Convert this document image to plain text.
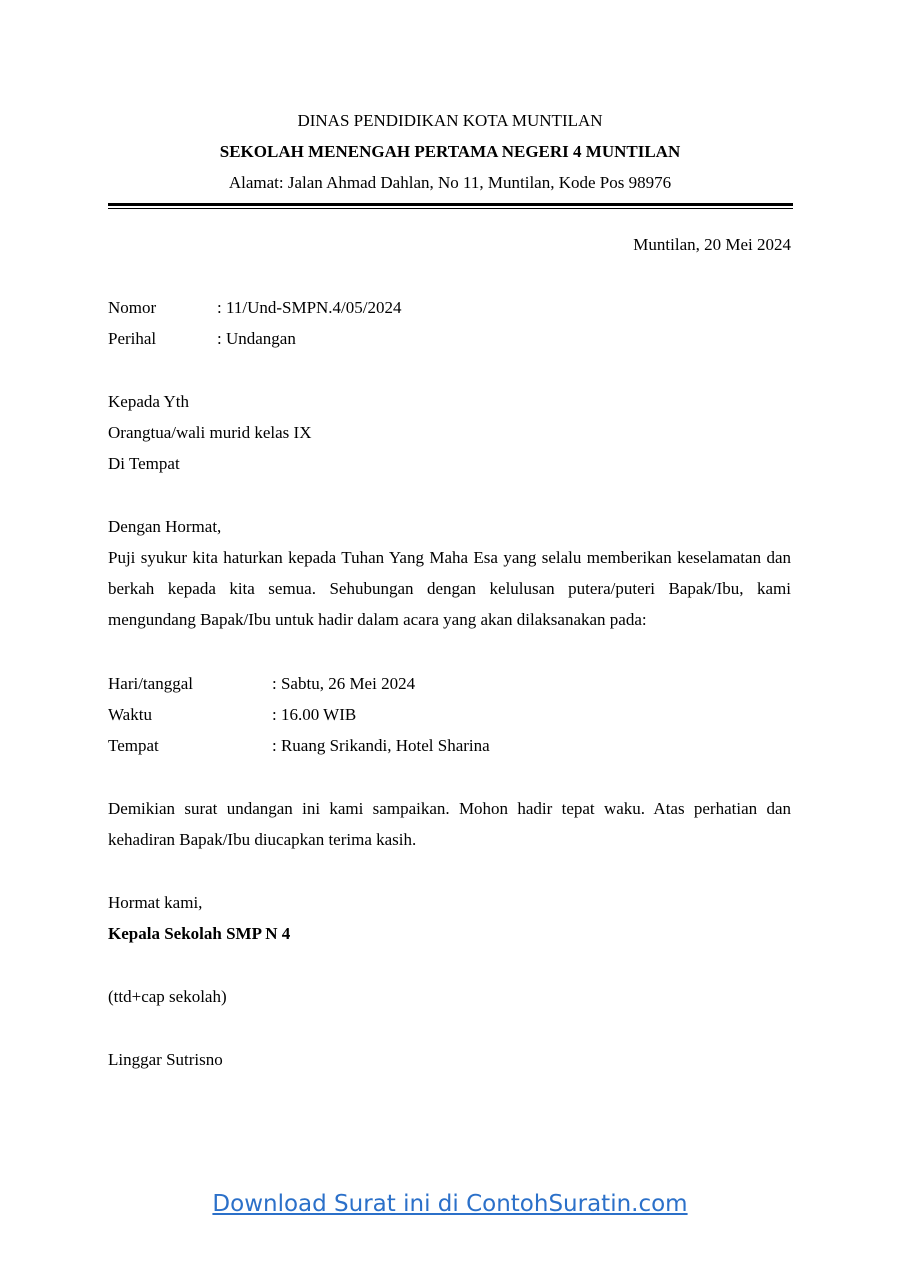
DINAS PENDIDIKAN KOTA MUNTILAN
SEKOLAH MENENGAH PERTAMA NEGERI 4 MUNTILAN
Alamat: Jalan Ahmad Dahlan, No 11, Muntilan, Kode Pos 98976
Muntilan, 20 Mei 2024
Nomor	: 11/Und-SMPN.4/05/2024
Perihal	: Undangan
Kepada Yth
Orangtua/wali murid kelas IX
Di Tempat
Dengan Hormat,
Puji syukur kita haturkan kepada Tuhan Yang Maha Esa yang selalu memberikan keselamatan dan berkah kepada kita semua. Sehubungan dengan kelulusan putera/puteri Bapak/Ibu, kami mengundang Bapak/Ibu untuk hadir dalam acara yang akan dilaksanakan pada:
Hari/tanggal	: Sabtu, 26 Mei 2024
Waktu	: 16.00 WIB
Tempat	: Ruang Srikandi, Hotel Sharina
Demikian surat undangan ini kami sampaikan. Mohon hadir tepat waku. Atas perhatian dan kehadiran Bapak/Ibu diucapkan terima kasih.
Hormat kami,
Kepala Sekolah SMP N 4
(ttd+cap sekolah)
Linggar Sutrisno
Download Surat ini di ContohSuratin.com
